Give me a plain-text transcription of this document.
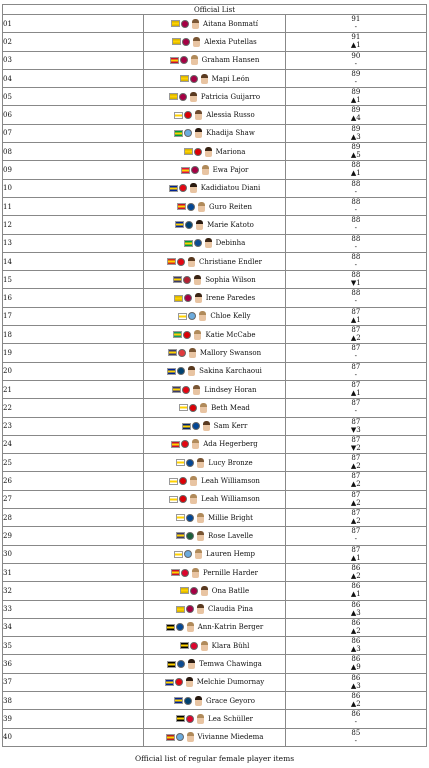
Official List		
01	Aitana Bonmatí	91
-

02	Alexia Putellas	91
▲1

03	Graham Hansen	90
-

04	Mapi León	89
-

05	Patricia Guijarro	89
▲1

06	Alessia Russo	89
▲4

07	Khadija Shaw	89
▲3

08	Mariona	89
▲5

09	Ewa Pajor	88
▲1

10	Kadidiatou Diani	88
-

11	Guro Reiten	88
-

12	Marie Katoto	88
-

13	Debinha	88
-

14	Christiane Endler	88
-

15	Sophia Wilson	88
▼1

16	Irene Paredes	88
-

17	Chloe Kelly	87
▲1

18	Katie McCabe	87
▲2

19	Mallory Swanson	87
-

20	Sakina Karchaoui	87
-

21	Lindsey Horan	87
▲1

22	Beth Mead	87
-

23	Sam Kerr	87
▼3

24	Ada Hegerberg	87
▼2

25	Lucy Bronze	87
▲2

26	Leah Williamson	87
▲2

27	Leah Williamson	87
▲2

28	Millie Bright	87
▲2

29	Rose Lavelle	87
-

30	Lauren Hemp	87
▲1

31	Pernille Harder	86
▲2

32	Ona Batlle	86
▲1

33	Claudia Pina	86
▲3

34	Ann-Katrin Berger	86
▲2

35	Klara Bühl	86
▲3

36	Temwa Chawinga	86
▲9

37	Melchie Dumornay	86
▲3

38	Grace Geyoro	86
▲2

39	Lea Schüller	86
-

40	Vivianne Miedema	85
-
Official list of regular female player items
